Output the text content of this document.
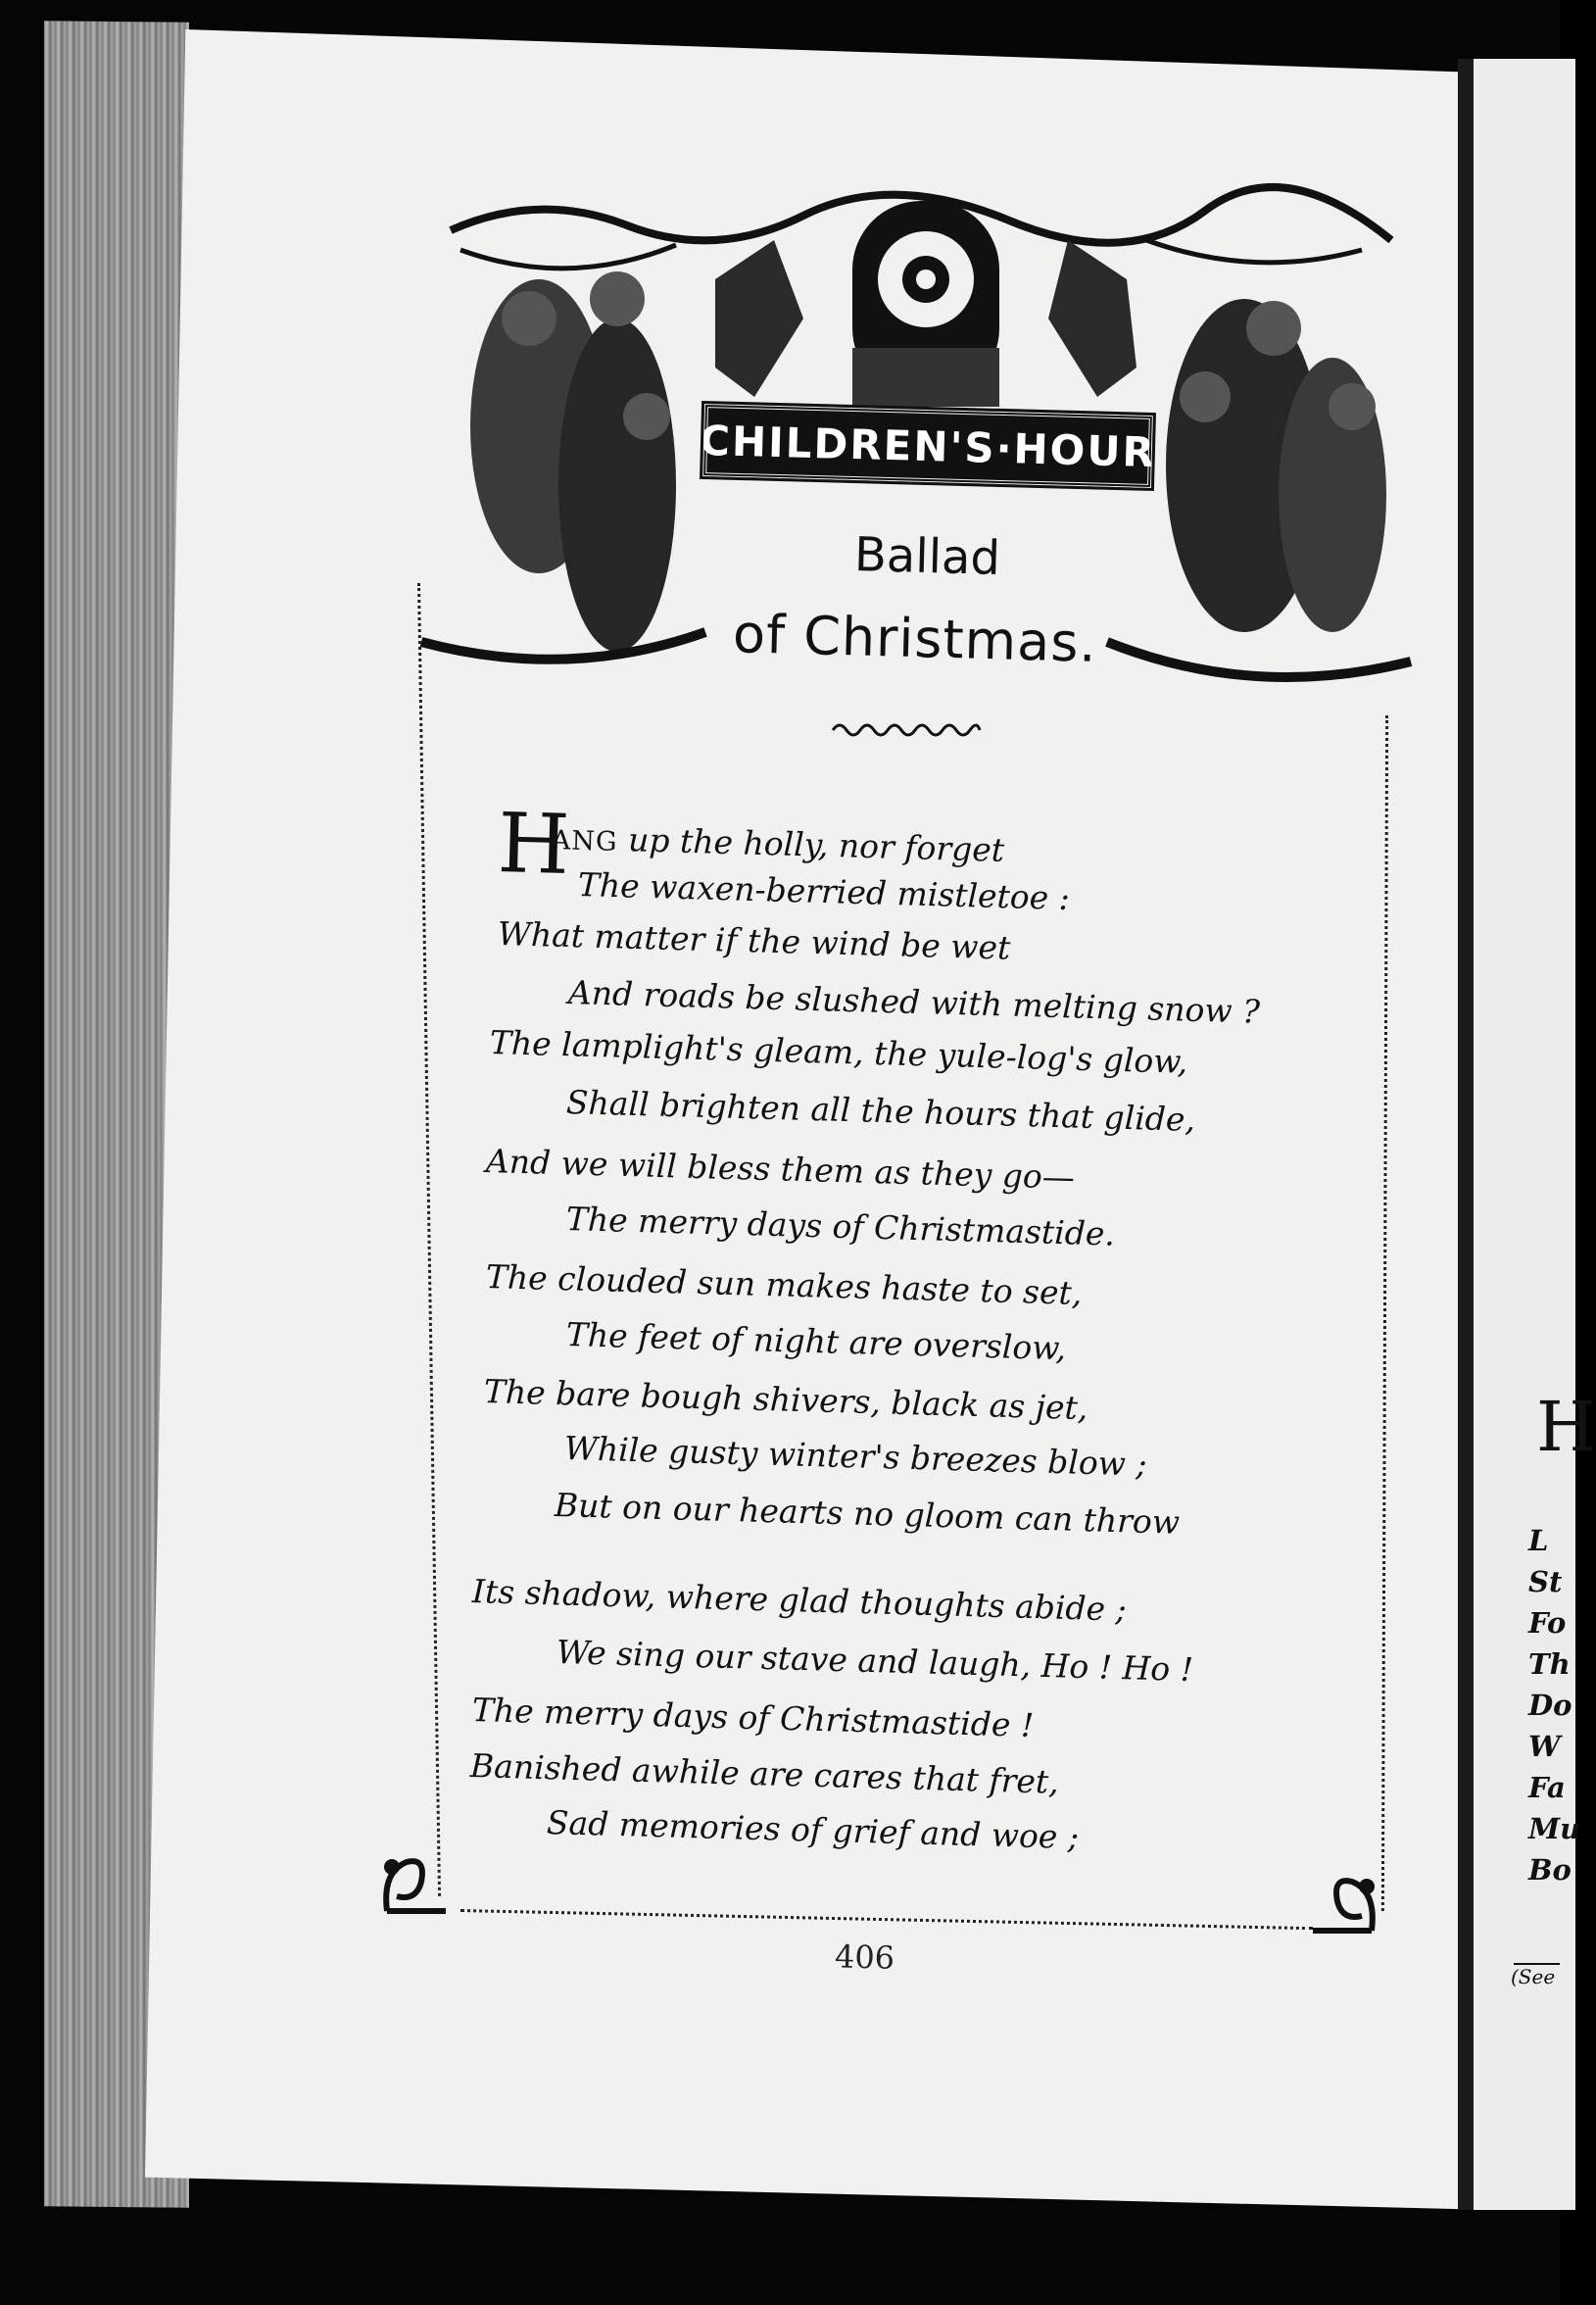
CHILDREN'S·HOUR
Ballad
of Christmas.
H
ANG up the holly, nor forget
The waxen-berried mistletoe :
What matter if the wind be wet
And roads be slushed with melting snow ?
The lamplight's gleam, the yule-log's glow,
Shall brighten all the hours that glide,
And we will bless them as they go—
The merry days of Christmastide.
The clouded sun makes haste to set,
The feet of night are overslow,
The bare bough shivers, black as jet,
While gusty winter's breezes blow ;
But on our hearts no gloom can throw
Its shadow, where glad thoughts abide ;
We sing our stave and laugh, Ho ! Ho !
The merry days of Christmastide !
Banished awhile are cares that fret,
Sad memories of grief and woe ;
406
H
L
St
Fo
Th
Do
W
Fa
Mu
Bo
(See
